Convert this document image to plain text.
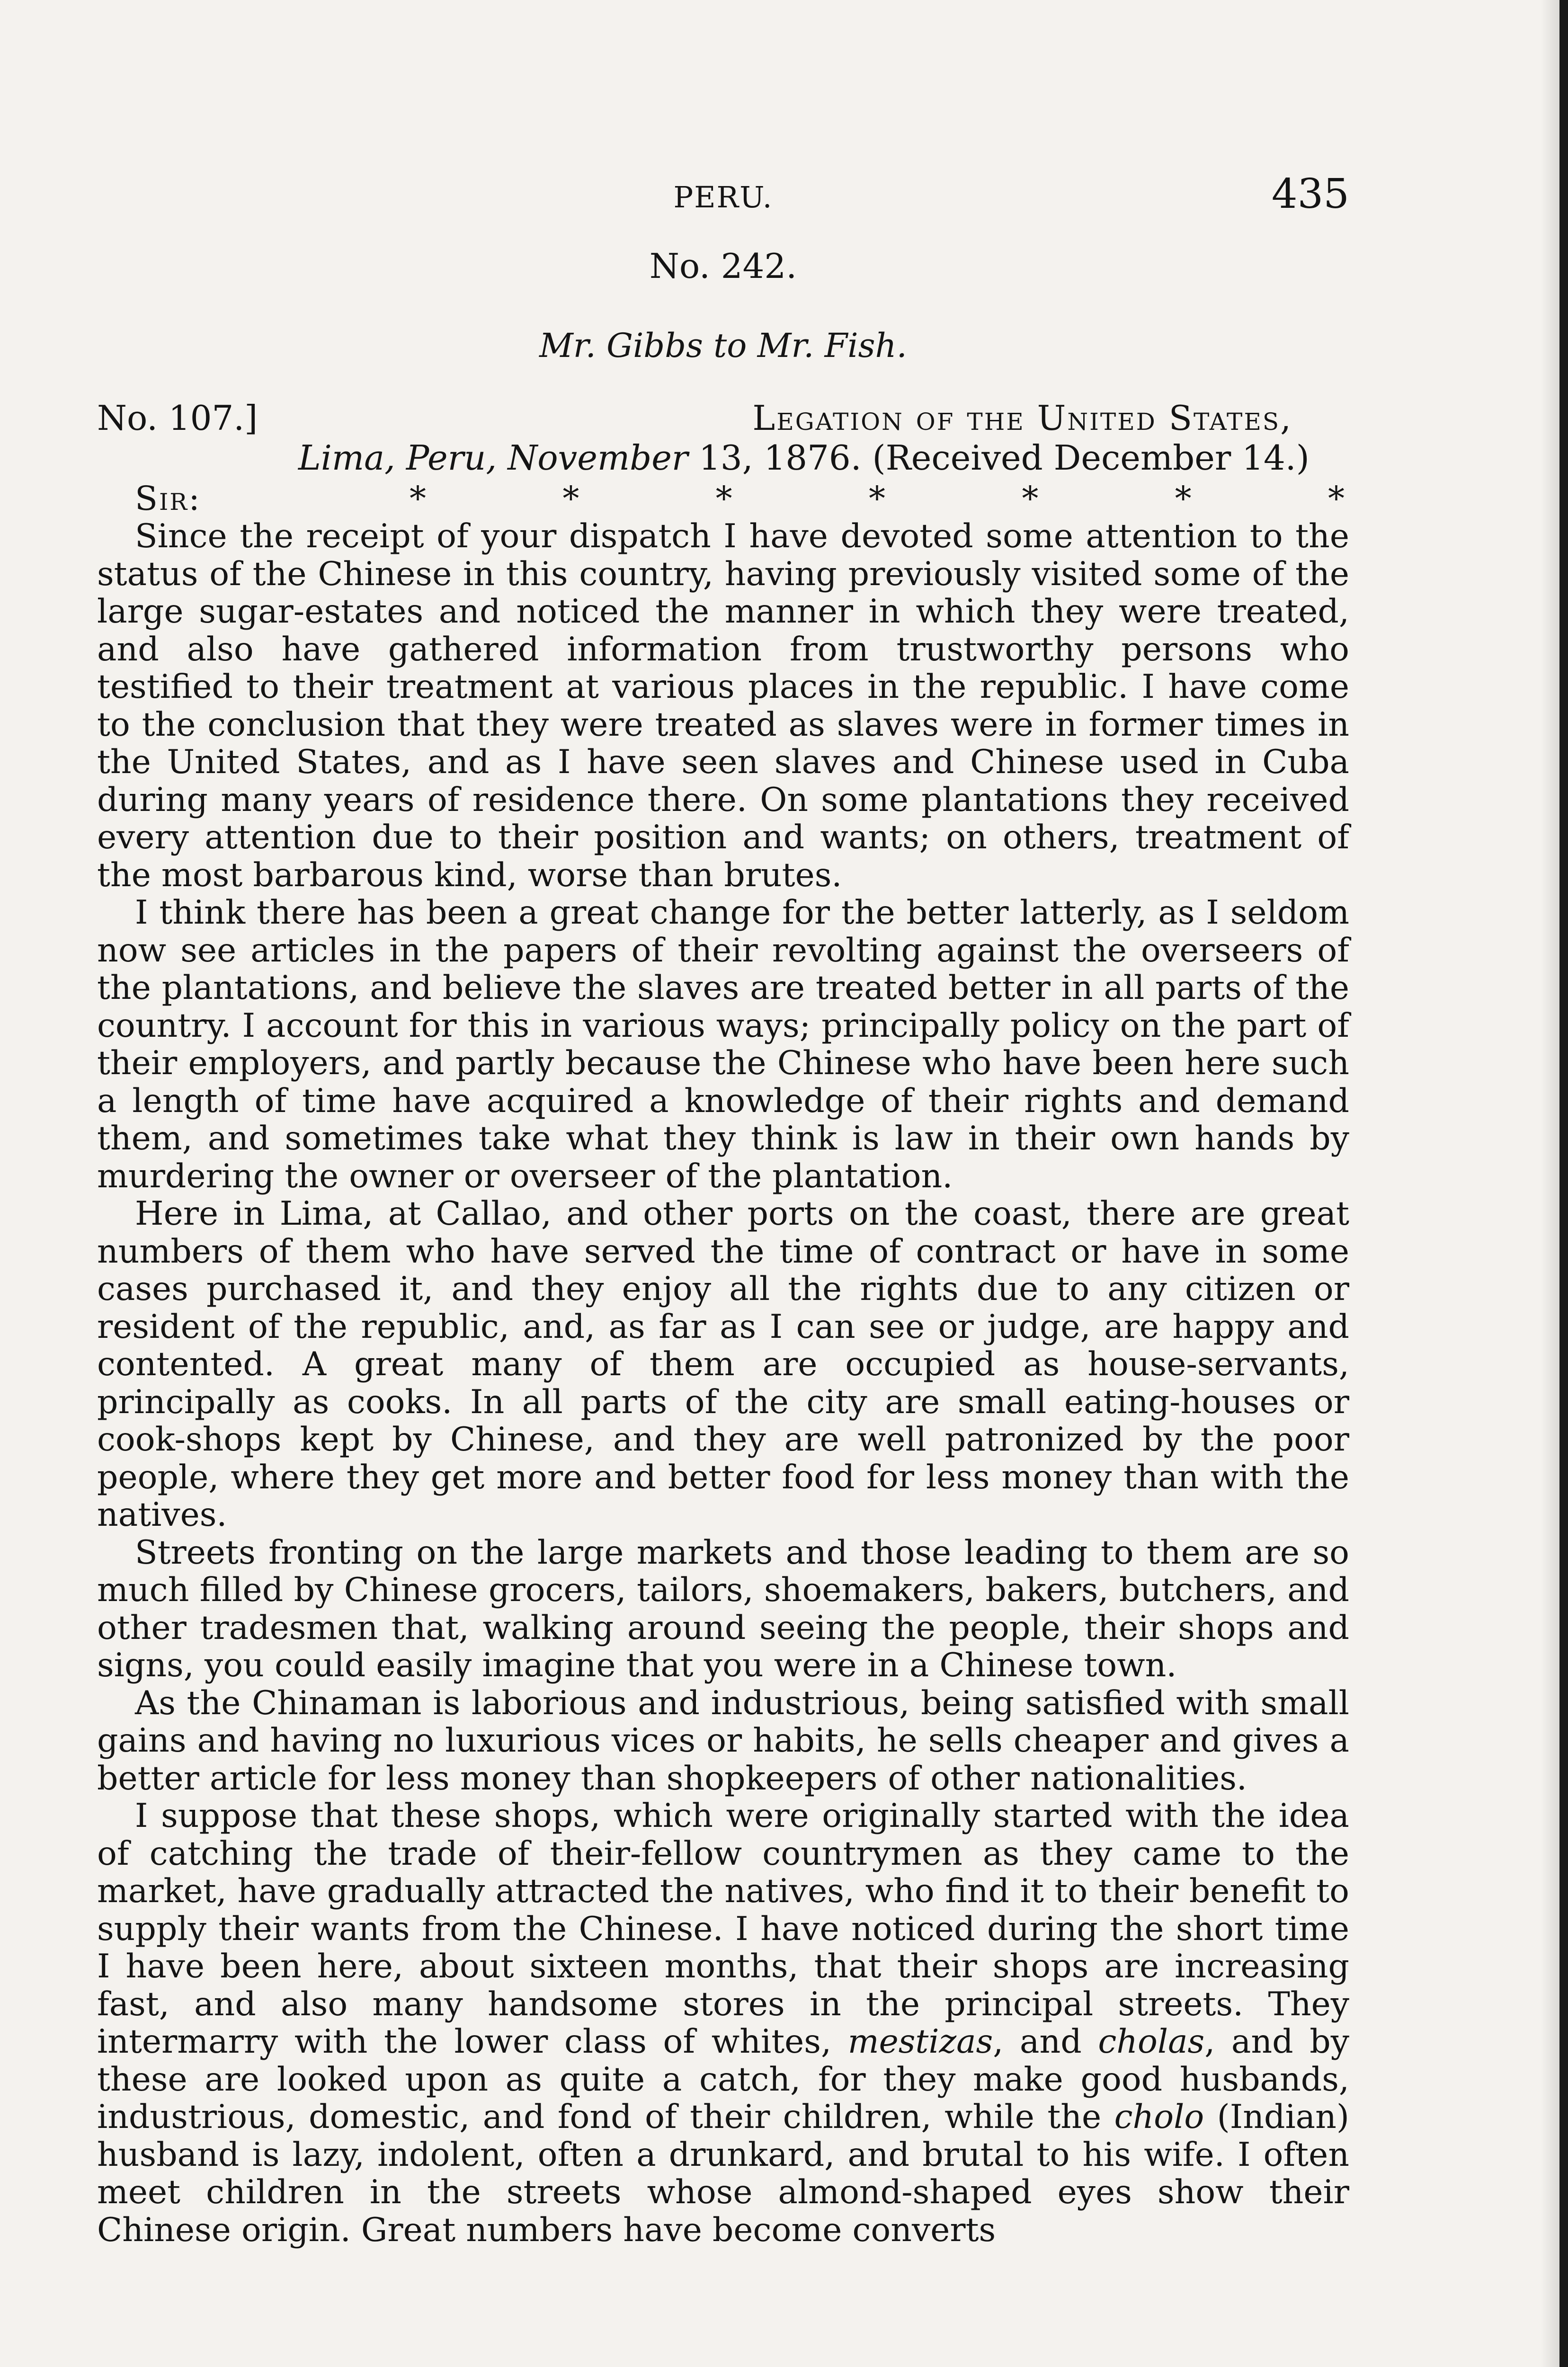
PERU.	435
No. 242.
Mr. Gibbs to Mr. Fish.
No. 107.]	Legation of the United States,
Lima, Peru, November 13, 1876. (Received December 14.)
Sir:	*	*	*	*	*	*	*

Since the receipt of your dispatch I have devoted some attention to the status of the Chinese in this country, having previously visited some of the large sugar-estates and noticed the manner in which they were treated, and also have gathered information from trustworthy persons who testified to their treatment at various places in the republic. I have come to the conclusion that they were treated as slaves were in former times in the United States, and as I have seen slaves and Chinese used in Cuba during many years of residence there. On some plantations they received every attention due to their position and wants; on others, treatment of the most barbarous kind, worse than brutes.

I think there has been a great change for the better latterly, as I seldom now see articles in the papers of their revolting against the overseers of the plantations, and believe the slaves are treated better in all parts of the country. I account for this in various ways; principally policy on the part of their employers, and partly because the Chinese who have been here such a length of time have acquired a knowledge of their rights and demand them, and sometimes take what they think is law in their own hands by murdering the owner or overseer of the plantation.

Here in Lima, at Callao, and other ports on the coast, there are great numbers of them who have served the time of contract or have in some cases purchased it, and they enjoy all the rights due to any citizen or resident of the republic, and, as far as I can see or judge, are happy and contented. A great many of them are occupied as house-servants, principally as cooks. In all parts of the city are small eating-houses or cook-shops kept by Chinese, and they are well patronized by the poor people, where they get more and better food for less money than with the natives.

Streets fronting on the large markets and those leading to them are so much filled by Chinese grocers, tailors, shoemakers, bakers, butchers, and other tradesmen that, walking around seeing the people, their shops and signs, you could easily imagine that you were in a Chinese town.

As the Chinaman is laborious and industrious, being satisfied with small gains and having no luxurious vices or habits, he sells cheaper and gives a better article for less money than shopkeepers of other nationalities.

I suppose that these shops, which were originally started with the idea of catching the trade of their-fellow countrymen as they came to the market, have gradually attracted the natives, who find it to their benefit to supply their wants from the Chinese. I have noticed during the short time I have been here, about sixteen months, that their shops are increasing fast, and also many handsome stores in the principal streets. They intermarry with the lower class of whites, mestizas, and cholas, and by these are looked upon as quite a catch, for they make good husbands, industrious, domestic, and fond of their children, while the cholo (Indian) husband is lazy, indolent, often a drunkard, and brutal to his wife. I often meet children in the streets whose almond-shaped eyes show their Chinese origin. Great numbers have become converts
